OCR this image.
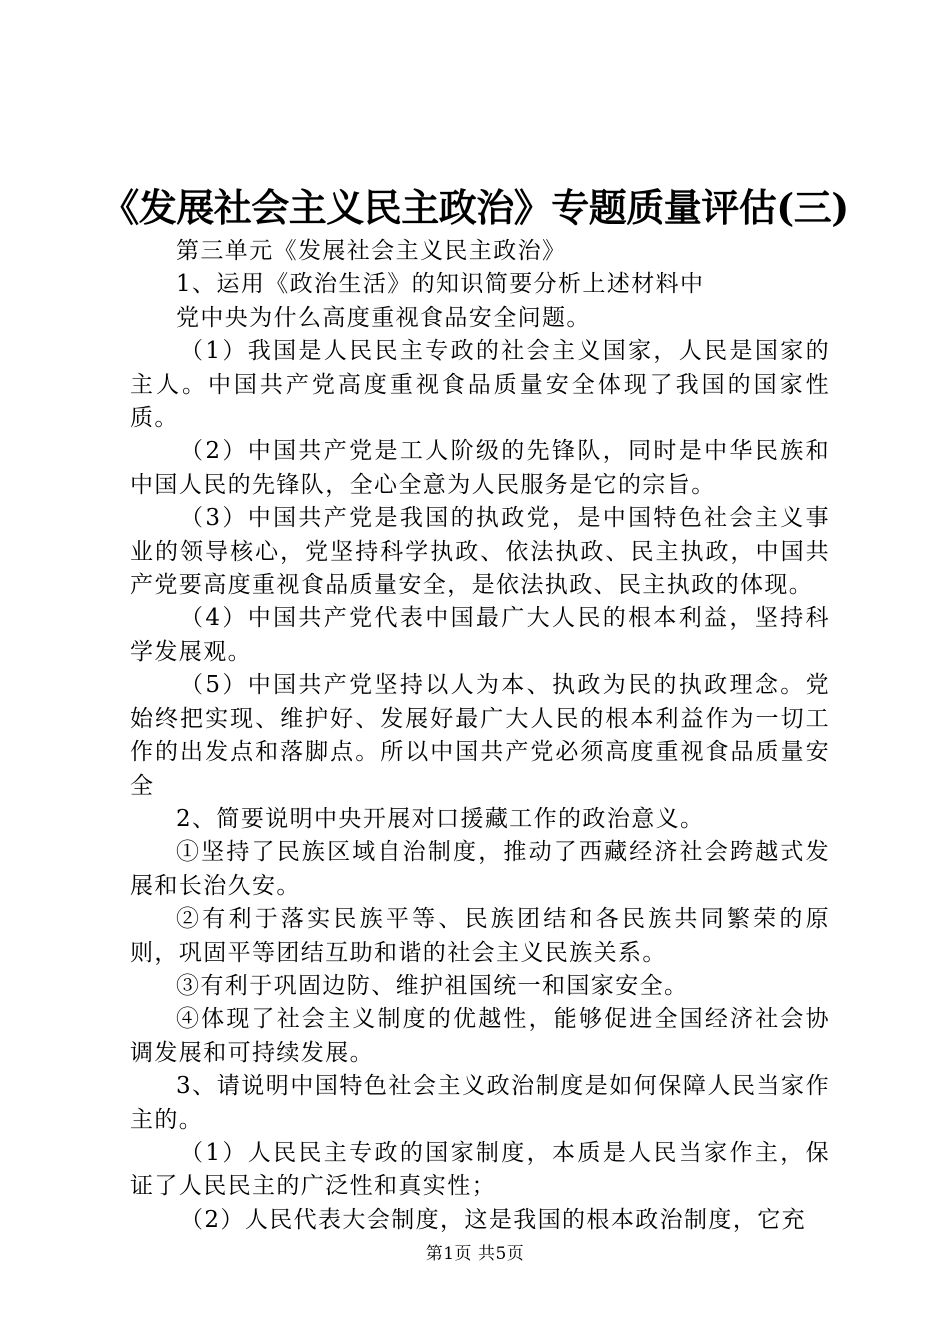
《发展社会主义民主政治》专题质量评估(三)

第三单元《发展社会主义民主政治》

1、运用《政治生活》的知识简要分析上述材料中

党中央为什么高度重视食品安全问题。

（1）我国是人民民主专政的社会主义国家，人民是国家的主人。中国共产党高度重视食品质量安全体现了我国的国家性质。

（2）中国共产党是工人阶级的先锋队，同时是中华民族和中国人民的先锋队，全心全意为人民服务是它的宗旨。

（3）中国共产党是我国的执政党，是中国特色社会主义事业的领导核心，党坚持科学执政、依法执政、民主执政，中国共产党要高度重视食品质量安全，是依法执政、民主执政的体现。

（4）中国共产党代表中国最广大人民的根本利益，坚持科学发展观。

（5）中国共产党坚持以人为本、执政为民的执政理念。党始终把实现、维护好、发展好最广大人民的根本利益作为一切工作的出发点和落脚点。所以中国共产党必须高度重视食品质量安全

2、简要说明中央开展对口援藏工作的政治意义。

①坚持了民族区域自治制度，推动了西藏经济社会跨越式发展和长治久安。

②有利于落实民族平等、民族团结和各民族共同繁荣的原则，巩固平等团结互助和谐的社会主义民族关系。

③有利于巩固边防、维护祖国统一和国家安全。

④体现了社会主义制度的优越性，能够促进全国经济社会协调发展和可持续发展。

3、请说明中国特色社会主义政治制度是如何保障人民当家作主的。

（1）人民民主专政的国家制度，本质是人民当家作主，保证了人民民主的广泛性和真实性；

（2）人民代表大会制度，这是我国的根本政治制度，它充

第1页 共5页
